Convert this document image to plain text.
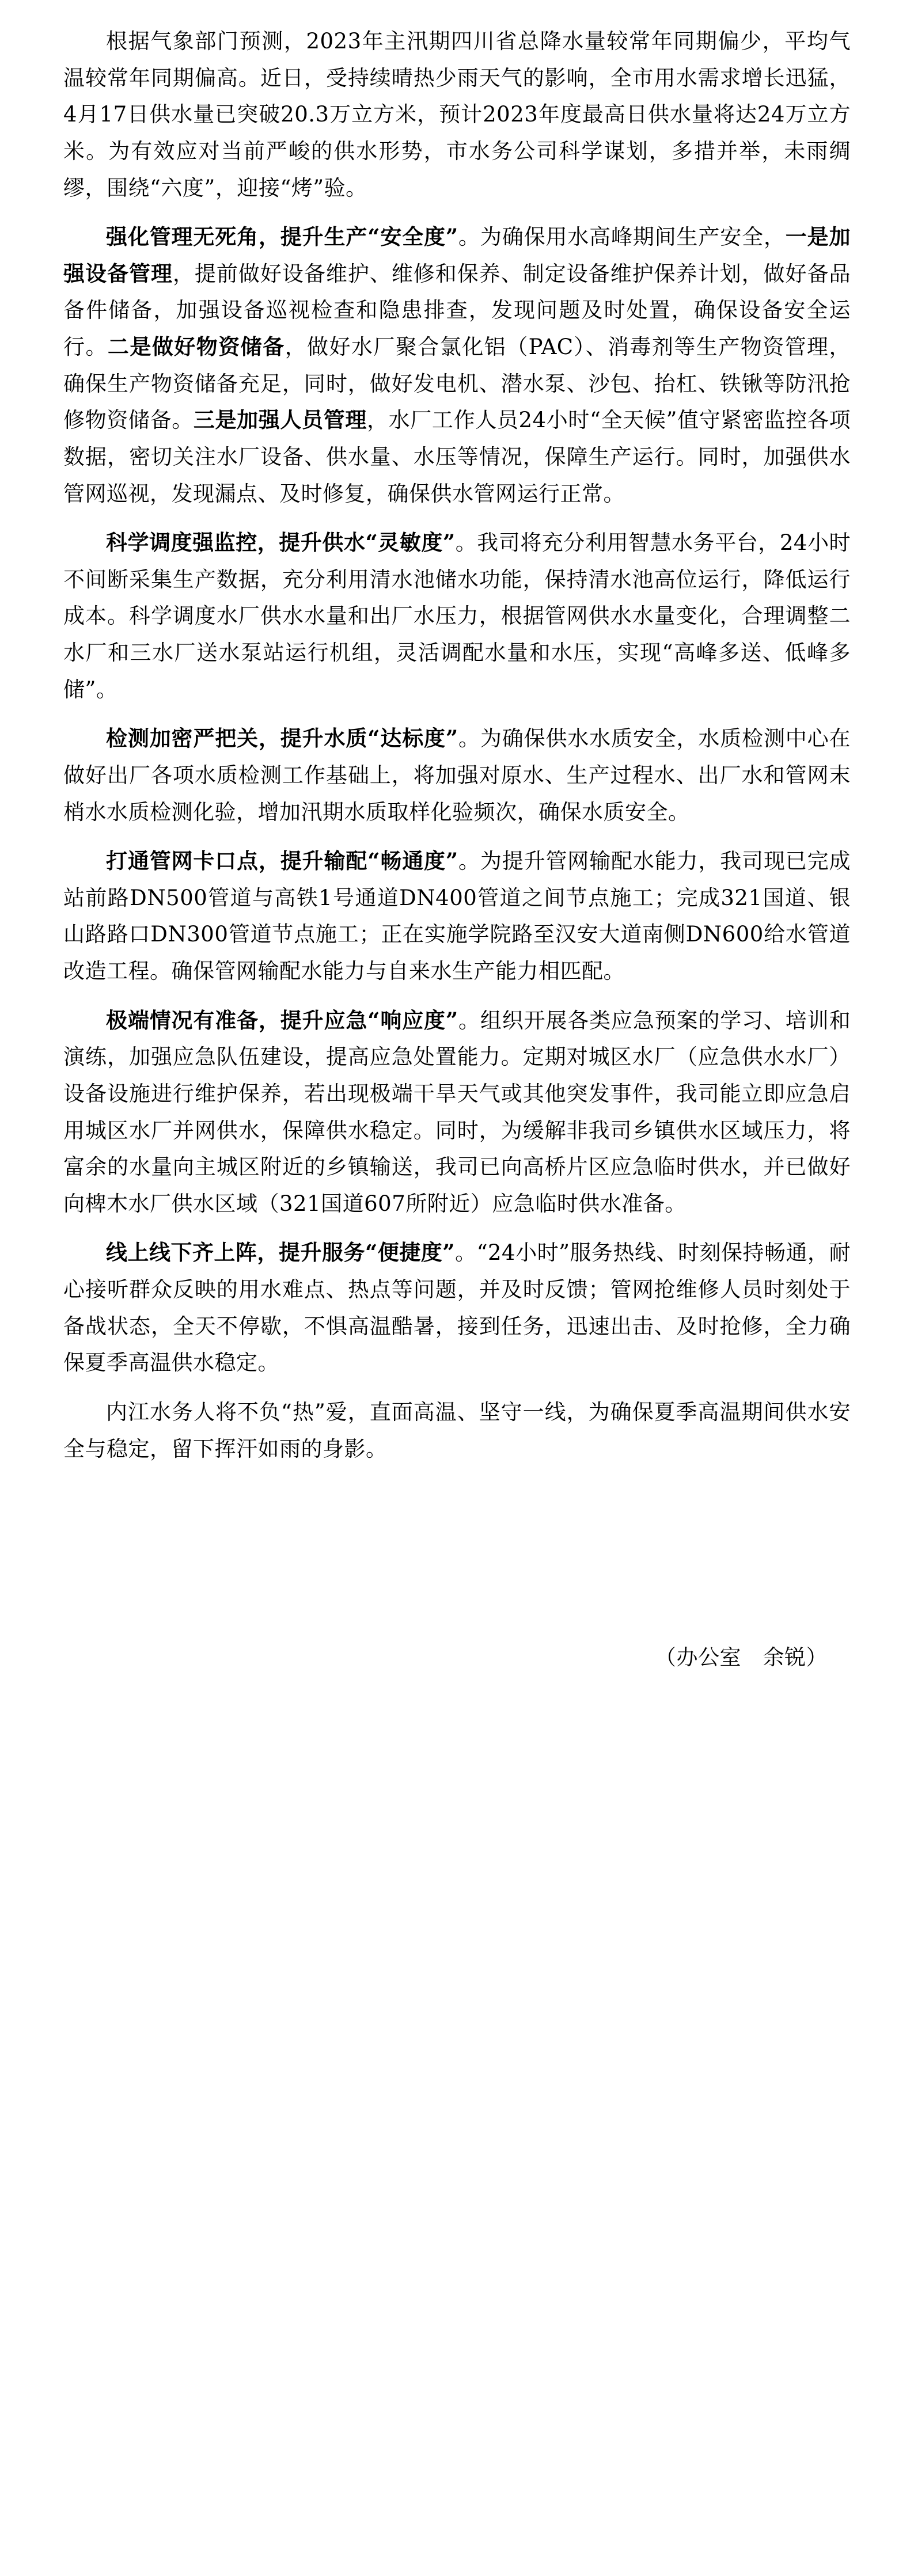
根据气象部门预测，2023年主汛期四川省总降水量较常年同期偏少，平均气温较常年同期偏高。近日，受持续晴热少雨天气的影响，全市用水需求增长迅猛，4月17日供水量已突破20.3万立方米，预计2023年度最高日供水量将达24万立方米。为有效应对当前严峻的供水形势，市水务公司科学谋划，多措并举，未雨绸缪，围绕“六度”，迎接“烤”验。

强化管理无死角，提升生产“安全度”。为确保用水高峰期间生产安全，一是加强设备管理，提前做好设备维护、维修和保养、制定设备维护保养计划，做好备品备件储备，加强设备巡视检查和隐患排查，发现问题及时处置，确保设备安全运行。二是做好物资储备，做好水厂聚合氯化铝（PAC）、消毒剂等生产物资管理，确保生产物资储备充足，同时，做好发电机、潜水泵、沙包、抬杠、铁锹等防汛抢修物资储备。三是加强人员管理，水厂工作人员24小时“全天候”值守紧密监控各项数据，密切关注水厂设备、供水量、水压等情况，保障生产运行。同时，加强供水管网巡视，发现漏点、及时修复，确保供水管网运行正常。

科学调度强监控，提升供水“灵敏度”。我司将充分利用智慧水务平台，24小时不间断采集生产数据，充分利用清水池储水功能，保持清水池高位运行，降低运行成本。科学调度水厂供水水量和出厂水压力，根据管网供水水量变化，合理调整二水厂和三水厂送水泵站运行机组，灵活调配水量和水压，实现“高峰多送、低峰多储”。

检测加密严把关，提升水质“达标度”。为确保供水水质安全，水质检测中心在做好出厂各项水质检测工作基础上，将加强对原水、生产过程水、出厂水和管网末梢水水质检测化验，增加汛期水质取样化验频次，确保水质安全。

打通管网卡口点，提升输配“畅通度”。为提升管网输配水能力，我司现已完成站前路DN500管道与高铁1号通道DN400管道之间节点施工；完成321国道、银山路路口DN300管道节点施工；正在实施学院路至汉安大道南侧DN600给水管道改造工程。确保管网输配水能力与自来水生产能力相匹配。

极端情况有准备，提升应急“响应度”。组织开展各类应急预案的学习、培训和演练，加强应急队伍建设，提高应急处置能力。定期对城区水厂（应急供水水厂）设备设施进行维护保养，若出现极端干旱天气或其他突发事件，我司能立即应急启用城区水厂并网供水，保障供水稳定。同时，为缓解非我司乡镇供水区域压力，将富余的水量向主城区附近的乡镇输送，我司已向高桥片区应急临时供水，并已做好向椑木水厂供水区域（321国道607所附近）应急临时供水准备。

线上线下齐上阵，提升服务“便捷度”。“24小时”服务热线、时刻保持畅通，耐心接听群众反映的用水难点、热点等问题，并及时反馈；管网抢维修人员时刻处于备战状态，全天不停歇，不惧高温酷暑，接到任务，迅速出击、及时抢修，全力确保夏季高温供水稳定。

内江水务人将不负“热”爱，直面高温、坚守一线，为确保夏季高温期间供水安全与稳定，留下挥汗如雨的身影。

（办公室　余锐）
